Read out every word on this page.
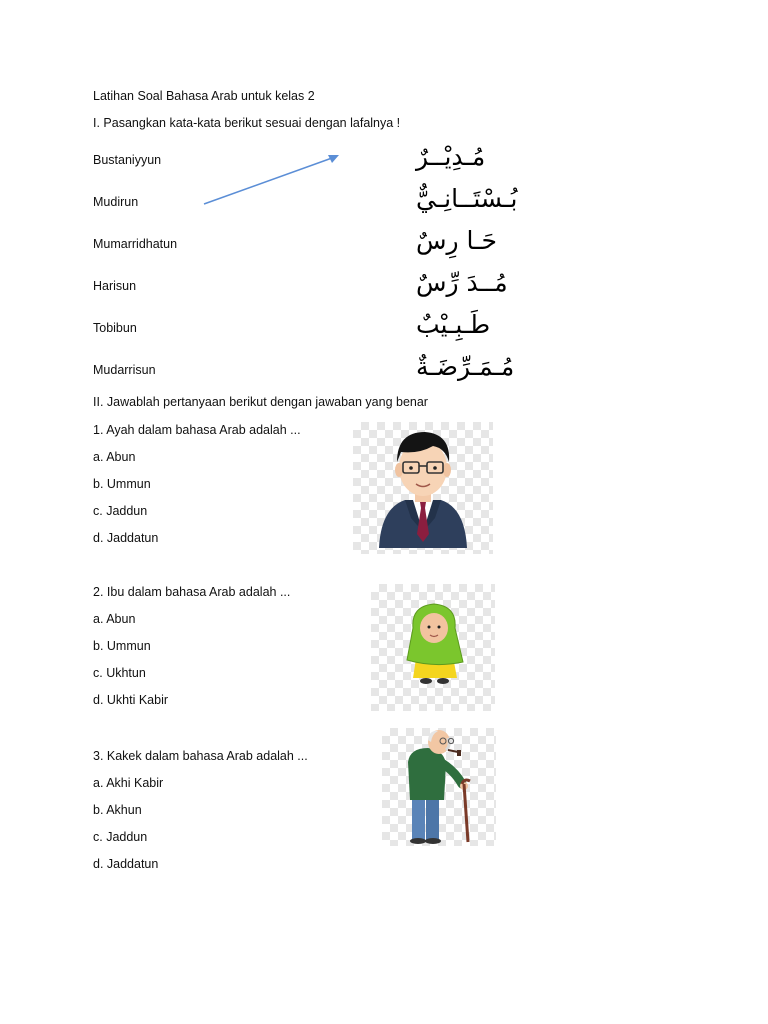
Latihan Soal Bahasa Arab untuk kelas 2
I. Pasangkan kata-kata berikut sesuai dengan lafalnya !
Bustaniyyun
Mudirun
Mumarridhatun
Harisun
Tobibun
Mudarrisun
مُـدِيْــرٌ
بُـسْتَــانِـيٌّ
حَـا رِسٌ
مُــدَ رِّسٌ
طَـبِـيْبٌ
مُـمَـرِّضَـةٌ
II. Jawablah pertanyaan berikut dengan jawaban yang benar
1. Ayah dalam bahasa Arab adalah ...
a. Abun
b. Ummun
c. Jaddun
d. Jaddatun
2. Ibu dalam bahasa Arab adalah ...
a. Abun
b. Ummun
c. Ukhtun
d. Ukhti Kabir
3. Kakek dalam bahasa Arab adalah ...
a. Akhi Kabir
b. Akhun
c. Jaddun
d. Jaddatun
